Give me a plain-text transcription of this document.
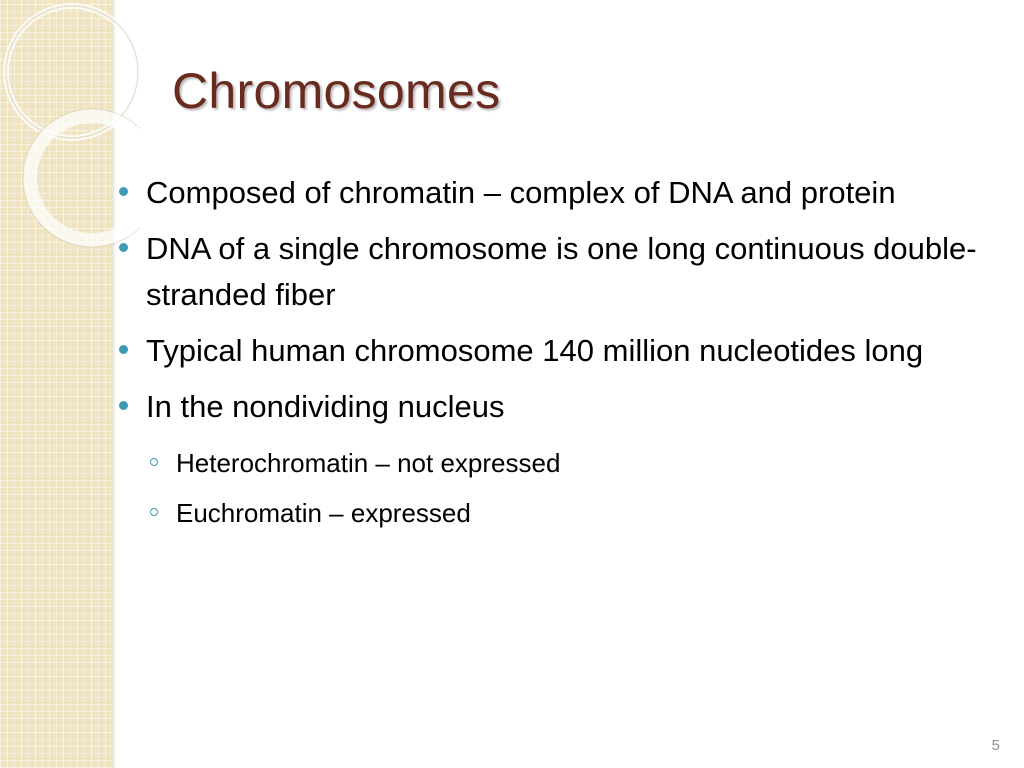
Chromosomes
Composed of chromatin – complex of DNA and protein
DNA of a single chromosome is one long continuous double-stranded fiber
Typical human chromosome 140 million nucleotides long
In the nondividing nucleus
Heterochromatin – not expressed
Euchromatin – expressed
5
